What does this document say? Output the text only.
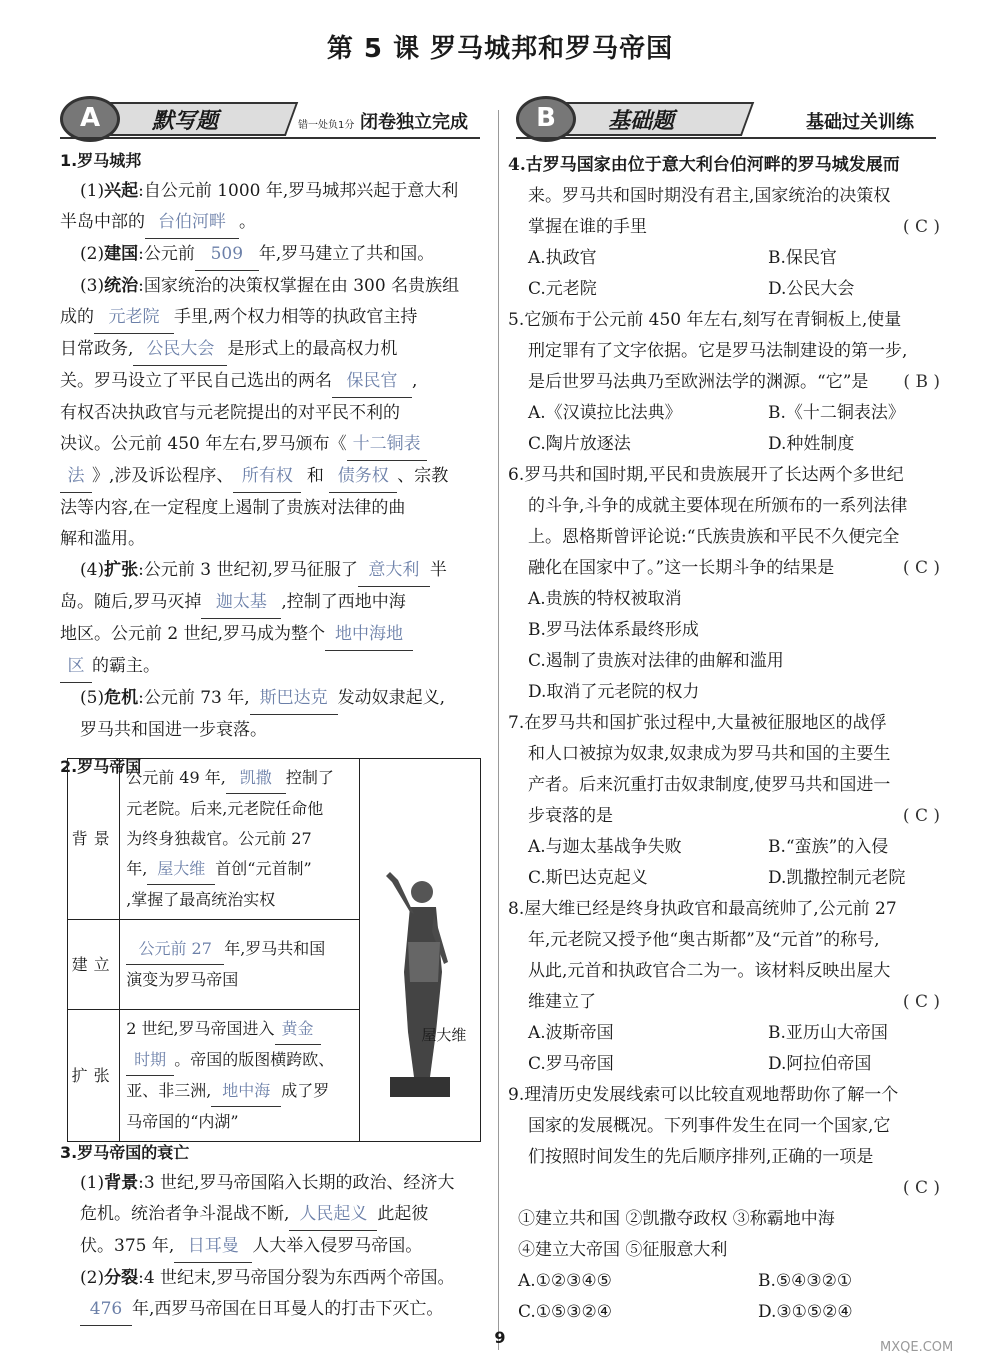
第 5 课 罗马城邦和罗马帝国
A	默写题	错一处负1分 闭卷独立完成	B	基础题	基础过关训练
1.罗马城邦
(1)兴起:自公元前 1000 年,罗马城邦兴起于意大利
半岛中部的 台伯河畔 。
(2)建国:公元前 509 年,罗马建立了共和国。
(3)统治:国家统治的决策权掌握在由 300 名贵族组
成的 元老院 手里,两个权力相等的执政官主持
日常政务, 公民大会 是形式上的最高权力机
关。罗马设立了平民自己选出的两名 保民官 ,
有权否决执政官与元老院提出的对平民不利的
决议。公元前 450 年左右,罗马颁布《 十二铜表
法 》,涉及诉讼程序、 所有权 和 债务权 、宗教
法等内容,在一定程度上遏制了贵族对法律的曲
解和滥用。
(4)扩张:公元前 3 世纪初,罗马征服了 意大利 半
岛。随后,罗马灭掉 迦太基 ,控制了西地中海
地区。公元前 2 世纪,罗马成为整个 地中海地
区 的霸主。
(5)危机:公元前 73 年, 斯巴达克 发动奴隶起义,
罗马共和国进一步衰落。
2.罗马帝国
背景	公元前 49 年, 凯撒 控制了
元老院。后来,元老院任命他
为终身独裁官。公元前 27
年, 屋大维 首创“元首制”
,掌握了最高统治实权	屋大维

建立	公元前 27 年,罗马共和国
演变为罗马帝国	

扩张	2 世纪,罗马帝国进入 黄金
时期 。帝国的版图横跨欧、
亚、非三洲, 地中海 成了罗
马帝国的“内湖”	
3.罗马帝国的衰亡
(1)背景:3 世纪,罗马帝国陷入长期的政治、经济大
危机。统治者争斗混战不断, 人民起义 此起彼
伏。375 年, 日耳曼 人大举入侵罗马帝国。
(2)分裂:4 世纪末,罗马帝国分裂为东西两个帝国。
476 年,西罗马帝国在日耳曼人的打击下灭亡。
4.古罗马国家由位于意大利台伯河畔的罗马城发展而
来。罗马共和国时期没有君主,国家统治的决策权
掌握在谁的手里	( C )
A.执政官	B.保民官
C.元老院	D.公民大会
5.它颁布于公元前 450 年左右,刻写在青铜板上,使量
刑定罪有了文字依据。它是罗马法制建设的第一步,
是后世罗马法典乃至欧洲法学的渊源。“它”是 ( B )
A.《汉谟拉比法典》	B.《十二铜表法》
C.陶片放逐法	D.种姓制度
6.罗马共和国时期,平民和贵族展开了长达两个多世纪
的斗争,斗争的成就主要体现在所颁布的一系列法律
上。恩格斯曾评论说:“氏族贵族和平民不久便完全
融化在国家中了。”这一长期斗争的结果是	( C )
A.贵族的特权被取消
B.罗马法体系最终形成
C.遏制了贵族对法律的曲解和滥用
D.取消了元老院的权力
7.在罗马共和国扩张过程中,大量被征服地区的战俘
和人口被掠为奴隶,奴隶成为罗马共和国的主要生
产者。后来沉重打击奴隶制度,使罗马共和国进一
步衰落的是	( C )
A.与迦太基战争失败	B.“蛮族”的入侵
C.斯巴达克起义	D.凯撒控制元老院
8.屋大维已经是终身执政官和最高统帅了,公元前 27
年,元老院又授予他“奥古斯都”及“元首”的称号,
从此,元首和执政官合二为一。该材料反映出屋大
维建立了	( C )
A.波斯帝国	B.亚历山大帝国
C.罗马帝国	D.阿拉伯帝国
9.理清历史发展线索可以比较直观地帮助你了解一个
国家的发展概况。下列事件发生在同一个国家,它
们按照时间发生的先后顺序排列,正确的一项是
( C )
①建立共和国 ②凯撒夺政权 ③称霸地中海
④建立大帝国 ⑤征服意大利
A.①②③④⑤	B.⑤④③②①
C.①⑤③②④	D.③①⑤②④
9
MXQE.COM
